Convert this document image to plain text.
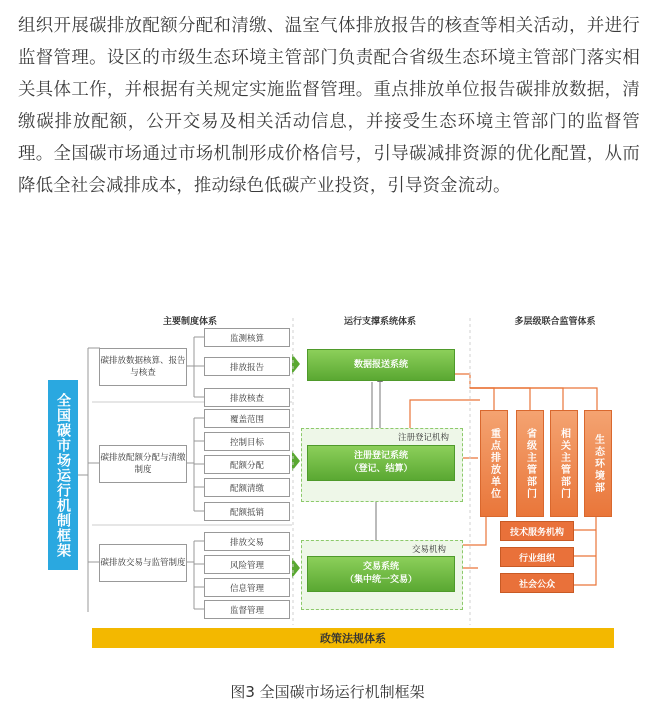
组织开展碳排放配额分配和清缴、温室气体排放报告的核查等相关活动，并进行监督管理。设区的市级生态环境主管部门负责配合省级生态环境主管部门落实相关具体工作，并根据有关规定实施监督管理。重点排放单位报告碳排放数据，清缴碳排放配额，公开交易及相关活动信息，并接受生态环境主管部门的监督管理。全国碳市场通过市场机制形成价格信号，引导碳减排资源的优化配置，从而降低全社会减排成本，推动绿色低碳产业投资，引导资金流动。

主要制度体系	运行支撑系统体系	多层级联合监管体系
全国碳市场运行机制框架
碳排放数据核算、报告与核查
碳排放配额分配与清缴制度
碳排放交易与监管制度
监测核算
排放报告
排放核查
覆盖范围
控制目标
配额分配
配额清缴
配额抵销
排放交易
风险管理
信息管理
监督管理
数据报送系统
注册登记机构
注册登记系统
（登记、结算）
交易机构
交易系统
（集中统一交易）
重点排放单位	省级主管部门	相关主管部门	生态环境部
技术服务机构
行业组织
社会公众
政策法规体系
图3 全国碳市场运行机制框架
